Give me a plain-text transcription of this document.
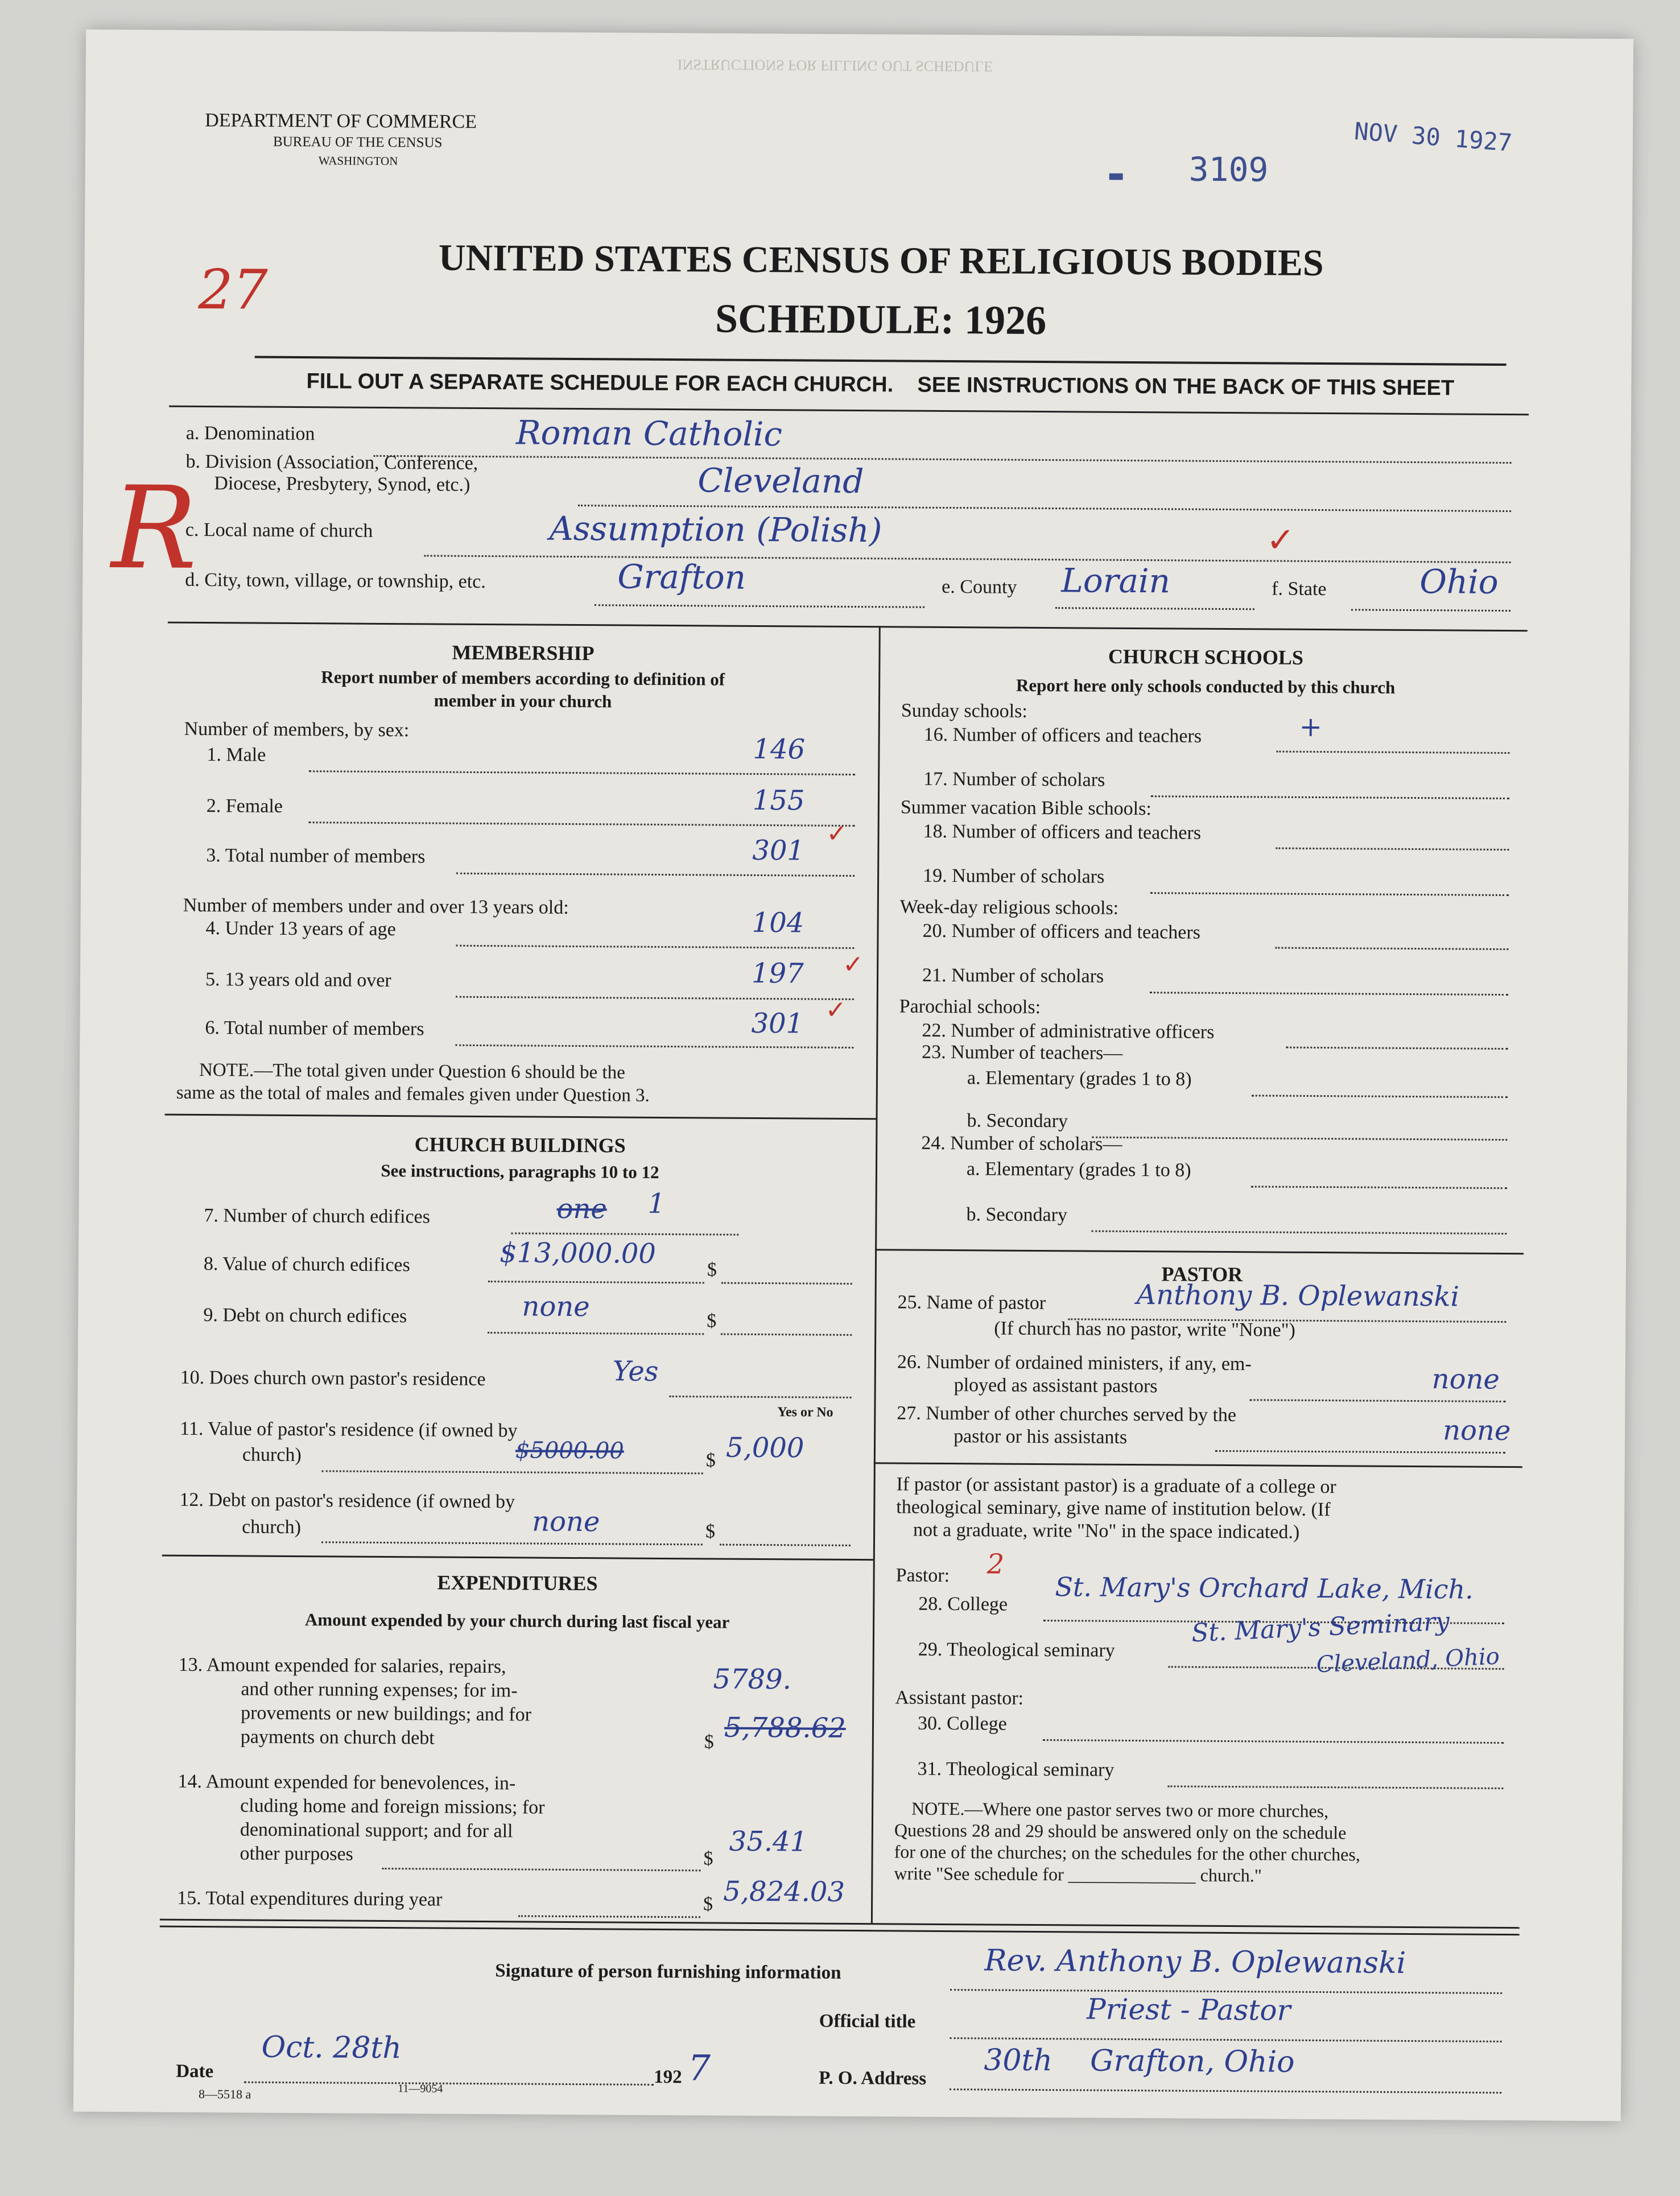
INSTRUCTIONS FOR FILLING OUT SCHEDULE
DEPARTMENT OF COMMERCE
BUREAU OF THE CENSUS
WASHINGTON	3109
▬
NOV 30 1927
27
R
UNITED STATES CENSUS OF RELIGIOUS BODIES
SCHEDULE: 1926
FILL OUT A SEPARATE SCHEDULE FOR EACH CHURCH.    SEE INSTRUCTIONS ON THE BACK OF THIS SHEET
a. Denomination	Roman Catholic
b. Division (Association, Conference,
Diocese, Presbytery, Synod, etc.)	Cleveland
c. Local name of church	Assumption (Polish)	✓
d. City, town, village, or township, etc.	Grafton	e. County Lorain	f. State	Ohio
MEMBERSHIP
Report number of members according to definition of
member in your church
Number of members, by sex:
1. Male	146
2. Female	155
3. Total number of members	301
✓
Number of members under and over 13 years old:
4. Under 13 years of age	104
5. 13 years old and over	197 ✓
6. Total number of members	301 ✓
NOTE.—The total given under Question 6 should be the
same as the total of males and females given under Question 3.
CHURCH BUILDINGS
See instructions, paragraphs 10 to 12
7. Number of church edifices	one 1
8. Value of church edifices	$13,000.00
$
9. Debt on church edifices	none	$
10. Does church own pastor's residence	Yes
Yes or No
11. Value of pastor's residence (if owned by
church)	$5000.00	$ 5,000
12. Debt on pastor's residence (if owned by
church)	none	$
EXPENDITURES
Amount expended by your church during last fiscal year
13. Amount expended for salaries, repairs,
and other running expenses; for im-
provements or new buildings; and for
payments on church debt
5789.
$ 5,788.62
14. Amount expended for benevolences, in-
cluding home and foreign missions; for
denominational support; and for all
other purposes	$
35.41
15. Total expenditures during year	$ 5,824.03
CHURCH SCHOOLS
Report here only schools conducted by this church
Sunday schools:
16. Number of officers and teachers	+
17. Number of scholars
Summer vacation Bible schools:
18. Number of officers and teachers
19. Number of scholars
Week-day religious schools:
20. Number of officers and teachers
21. Number of scholars
Parochial schools:
22. Number of administrative officers
23. Number of teachers—
a. Elementary (grades 1 to 8)
b. Secondary
24. Number of scholars—
a. Elementary (grades 1 to 8)
b. Secondary
PASTOR
25. Name of pastor	Anthony B. Oplewanski
(If church has no pastor, write "None")
26. Number of ordained ministers, if any, em-
ployed as assistant pastors	none
27. Number of other churches served by the
pastor or his assistants	none
If pastor (or assistant pastor) is a graduate of a college or
theological seminary, give name of institution below. (If
not a graduate, write "No" in the space indicated.)
Pastor: 2
28. College St. Mary's Orchard Lake, Mich.
29. Theological seminary
St. Mary's Seminary
Cleveland, Ohio
Assistant pastor:
30. College
31. Theological seminary
NOTE.—Where one pastor serves two or more churches,
Questions 28 and 29 should be answered only on the schedule
for one of the churches; on the schedules for the other churches,
write "See schedule for ______________ church."
Signature of person furnishing information	Rev. Anthony B. Oplewanski
Official title	Priest - Pastor
Date
Oct. 28th
192 7	P. O. Address 30th    Grafton, Ohio
8—5518 a	11—9054
